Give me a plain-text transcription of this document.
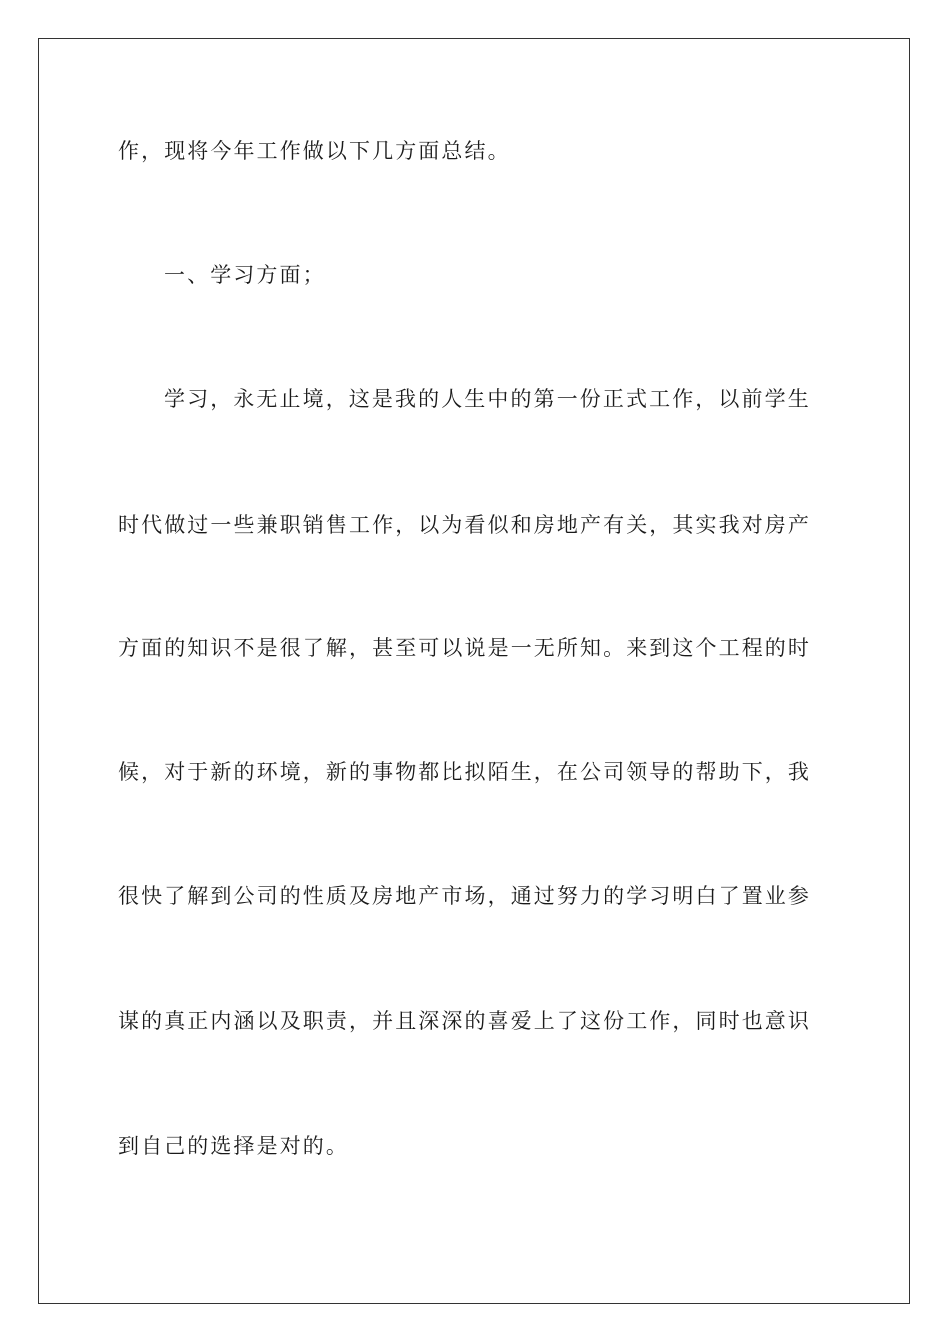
作，现将今年工作做以下几方面总结。
一、学习方面；
学习，永无止境，这是我的人生中的第一份正式工作，以前学生
时代做过一些兼职销售工作，以为看似和房地产有关，其实我对房产
方面的知识不是很了解，甚至可以说是一无所知。来到这个工程的时
候，对于新的环境，新的事物都比拟陌生，在公司领导的帮助下，我
很快了解到公司的性质及房地产市场，通过努力的学习明白了置业参
谋的真正内涵以及职责，并且深深的喜爱上了这份工作，同时也意识
到自己的选择是对的。
